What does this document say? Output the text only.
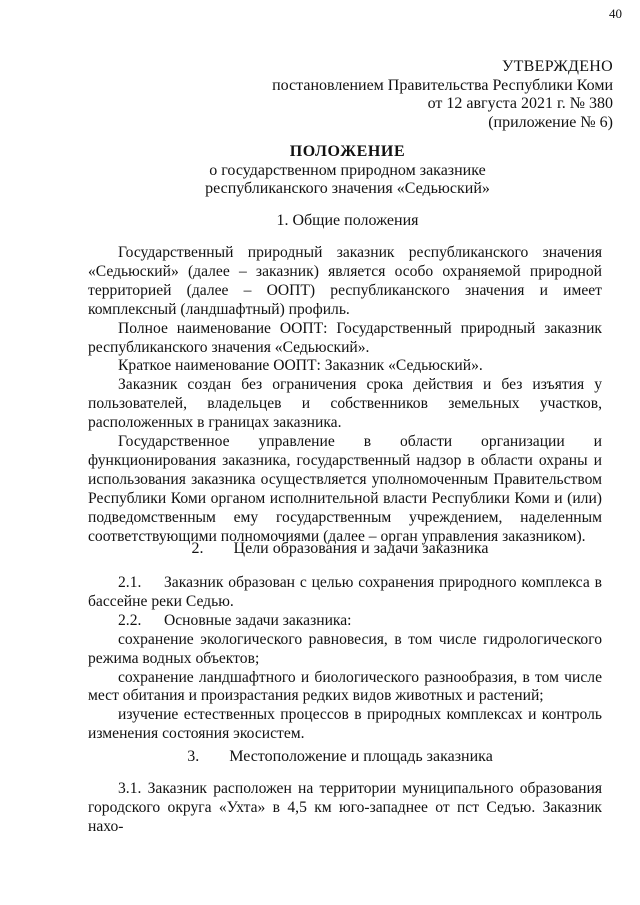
40
УТВЕРЖДЕНО
постановлением Правительства Республики Коми
от 12 августа 2021 г. № 380
(приложение № 6)
ПОЛОЖЕНИЕ
о государственном природном заказнике
республиканского значения «Седьюский»
1. Общие положения

Государственный природный заказник республиканского значения «Седьюский» (далее – заказник) является особо охраняемой природной территорией (далее – ООПТ) республиканского значения и имеет комплексный (ландшафтный) профиль.

Полное наименование ООПТ: Государственный природный заказник республиканского значения «Седьюский».

Краткое наименование ООПТ: Заказник «Седьюский».

Заказник создан без ограничения срока действия и без изъятия у пользователей, владельцев и собственников земельных участков, расположенных в границах заказника.

Государственное управление в области организации и функционирования заказника, государственный надзор в области охраны и использования заказника осуществляется уполномоченным Правительством Республики Коми органом исполнительной власти Республики Коми и (или) подведомственным ему государственным учреждением, наделенным соответствующими полномочиями (далее – орган управления заказником).

2. Цели образования и задачи заказника

2.1. Заказник образован с целью сохранения природного комплекса в бассейне реки Седью.

2.2. Основные задачи заказника:

сохранение экологического равновесия, в том числе гидрологического режима водных объектов;

сохранение ландшафтного и биологического разнообразия, в том числе мест обитания и произрастания редких видов животных и растений;

изучение естественных процессов в природных комплексах и контроль изменения состояния экосистем.

3. Местоположение и площадь заказника

3.1. Заказник расположен на территории муниципального образования городского округа «Ухта» в 4,5 км юго-западнее от пст Седъю. Заказник нахо-
